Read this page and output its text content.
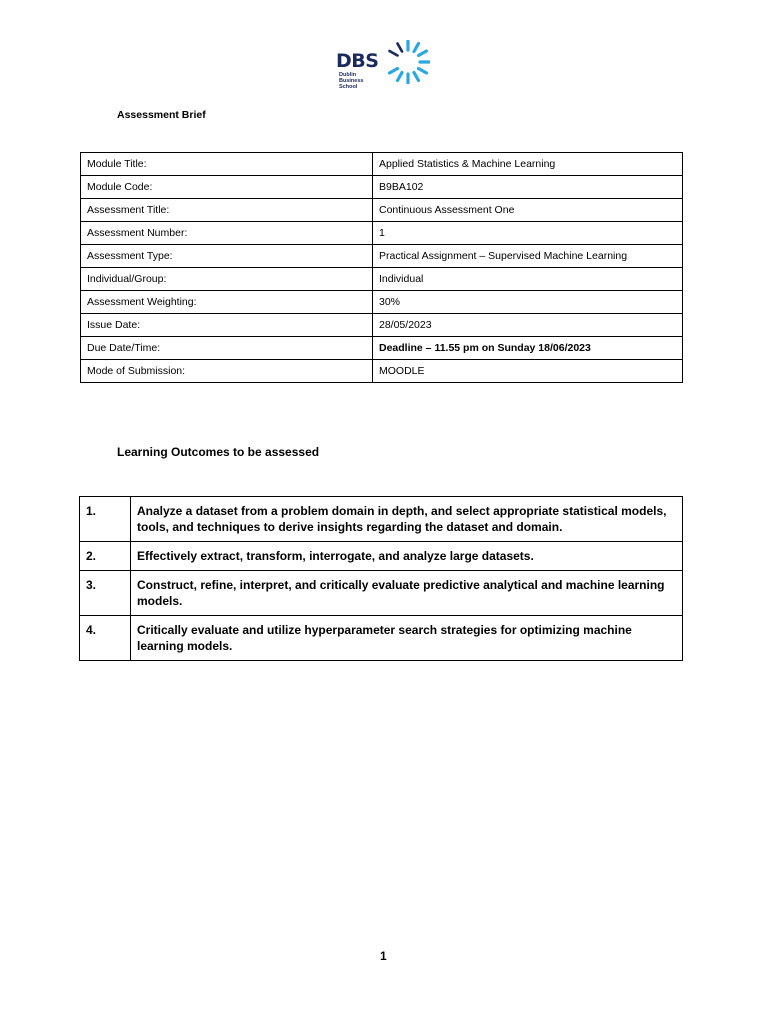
DBS
Dublin
Business
School
Assessment Brief
Module Title:	Applied Statistics & Machine Learning
Module Code:	B9BA102
Assessment Title:	Continuous Assessment One
Assessment Number:	1
Assessment Type:	Practical Assignment – Supervised Machine Learning
Individual/Group:	Individual
Assessment Weighting:	30%
Issue Date:	28/05/2023
Due Date/Time:	Deadline – 11.55 pm on Sunday 18/06/2023
Mode of Submission:	MOODLE
Learning Outcomes to be assessed
1.	Analyze a dataset from a problem domain in depth, and select appropriate statistical models, tools, and techniques to derive insights regarding the dataset and domain.
2.	Effectively extract, transform, interrogate, and analyze large datasets.
3.	Construct, refine, interpret, and critically evaluate predictive analytical and machine learning models.
4.	Critically evaluate and utilize hyperparameter search strategies for optimizing machine learning models.
1
